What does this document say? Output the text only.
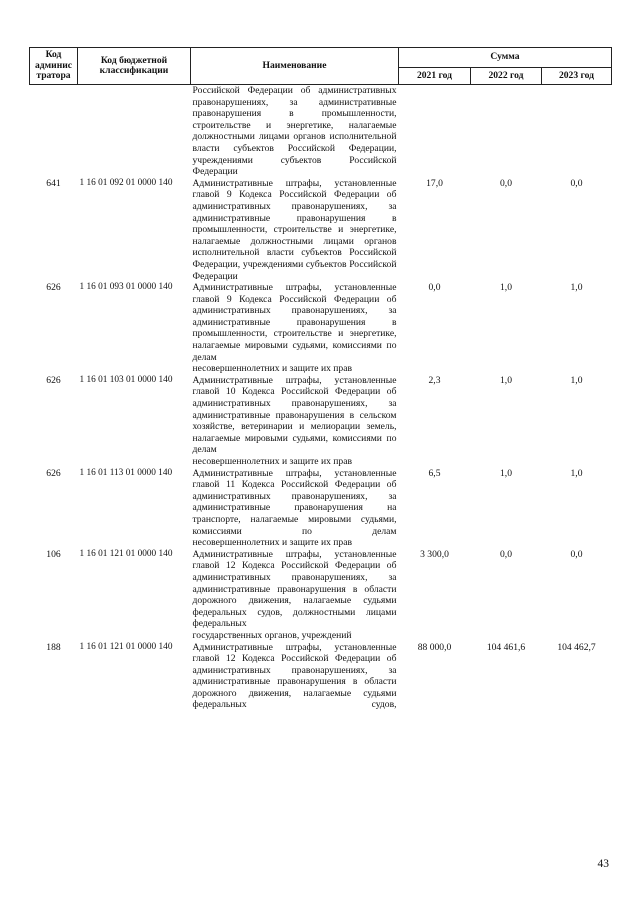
Код админис тратора	Код бюджетной классификации	Наименование	Сумма		
			2021 год	2022 год	2023 год
		Российской Федерации об административных правонарушениях, за административные правонарушения в промышленности, строительстве и энергетике, налагаемые должностными лицами органов исполнительной власти субъектов Российской Федерации, учреждениями субъектов Российской
Федерации			

641	1 16 01 092 01 0000 140	Административные штрафы, установленные главой 9 Кодекса Российской Федерации об административных правонарушениях, за административные правонарушения в промышленности, строительстве и энергетике, налагаемые должностными лицами органов исполнительной власти субъектов Российской Федерации, учреждениями субъектов Российской
Федерации	17,0	0,0	0,0
626	1 16 01 093 01 0000 140	Административные штрафы, установленные главой 9 Кодекса Российской Федерации об административных правонарушениях, за административные правонарушения в промышленности, строительстве и энергетике, налагаемые мировыми судьями, комиссиями по делам
несовершеннолетних и защите их прав	0,0	1,0	1,0
626	1 16 01 103 01 0000 140	Административные штрафы, установленные главой 10 Кодекса Российской Федерации об административных правонарушениях, за административные правонарушения в сельском хозяйстве, ветеринарии и мелиорации земель, налагаемые мировыми судьями, комиссиями по делам
несовершеннолетних и защите их прав	2,3	1,0	1,0
626	1 16 01 113 01 0000 140	Административные штрафы, установленные главой 11 Кодекса Российской Федерации об административных правонарушениях, за административные правонарушения на транспорте, налагаемые мировыми судьями, комиссиями по делам
несовершеннолетних и защите их прав	6,5	1,0	1,0
106	1 16 01 121 01 0000 140	Административные штрафы, установленные главой 12 Кодекса Российской Федерации об административных правонарушениях, за административные правонарушения в области дорожного движения, налагаемые судьями федеральных судов, должностными лицами федеральных
государственных органов, учреждений	3 300,0	0,0	0,0
188	1 16 01 121 01 0000 140	Административные штрафы, установленные главой 12 Кодекса Российской Федерации об административных правонарушениях, за административные правонарушения в области дорожного движения, налагаемые судьями федеральных судов,	88 000,0	104 461,6	104 462,7
43
